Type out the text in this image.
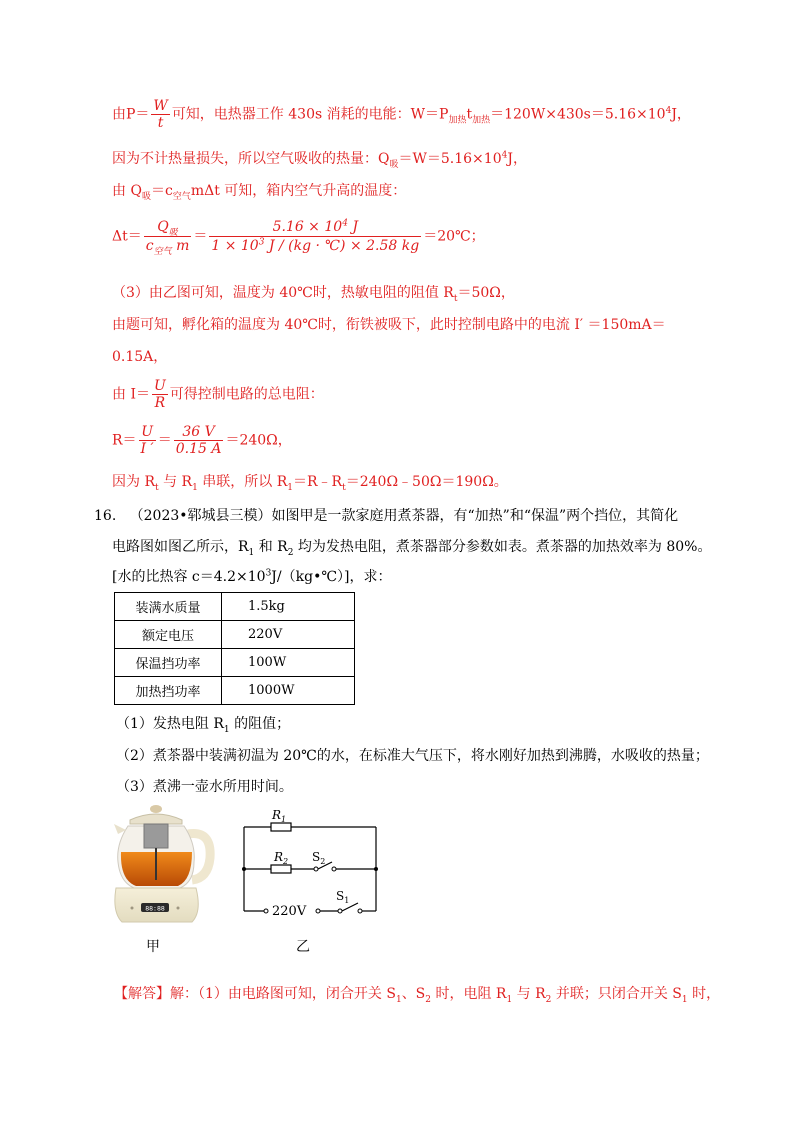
由$P= \frac{W}{t}$ 可知，电热器工作 430s 消耗的电能：$W=P_{加热}t_{加热}=120W\times 430s=5.16\times 10^4J$，
因为不计热量损失，所以空气吸收的热量：$Q_吸=W=5.16\times 10^4J$，
由 $Q_吸=c_{空气}m\Delta t$ 可知，箱内空气升高的温度：
$\Delta t= \frac{Q_吸}{c_{空气} m} = \frac{5.16 \times 10^4 J}{1 \times 10^3 J / (kg \cdot ℃) \times 2.58 kg}$ ＝20℃；
（3）由乙图可知，温度为 40℃时，热敏电阻的阻值 $R_t=50\Omega$，
由题可知，孵化箱的温度为 40℃时，衔铁被吸下，此时控制电路中的电流 I′ ＝150mA＝
0.15A，
由 $I= \frac{U}{R}$ 可得控制电路的总电阻：
$R= \frac{U}{I '} = \frac{36 V}{0.15 A} =240\Omega$，
因为 $R_t$ 与 $R_1$ 串联，所以 $R_1=R﹣R_t=240\Omega﹣50\Omega=190\Omega$。
16. （2023•郓城县三模）如图甲是一款家庭用煮茶器，有“加热”和“保温”两个挡位，其简化
电路图如图乙所示，$R_1$ 和 $R_2$ 均为发热电阻，煮茶器部分参数如表。煮茶器的加热效率为 80%。
[水的比热容 $c=4.2\times 10^3J/(kg•℃)$]，求：
装满水质量	1.5kg
额定电压	220V
保温挡功率	100W
加热挡功率	1000W
（1）发热电阻 $R_1$ 的阻值；
（2）煮茶器中装满初温为 20℃的水，在标准大气压下，将水刚好加热到沸腾，水吸收的热量；
（3）煮沸一壶水所用时间。
88:88
甲
$R_1$
$R_2$ $S_2$
220V
$S_1$
乙
【解答】解：（1）由电路图可知，闭合开关 $S_1$、$S_2$ 时，电阻 $R_1$ 与 $R_2$ 并联；只闭合开关 $S_1$ 时，
